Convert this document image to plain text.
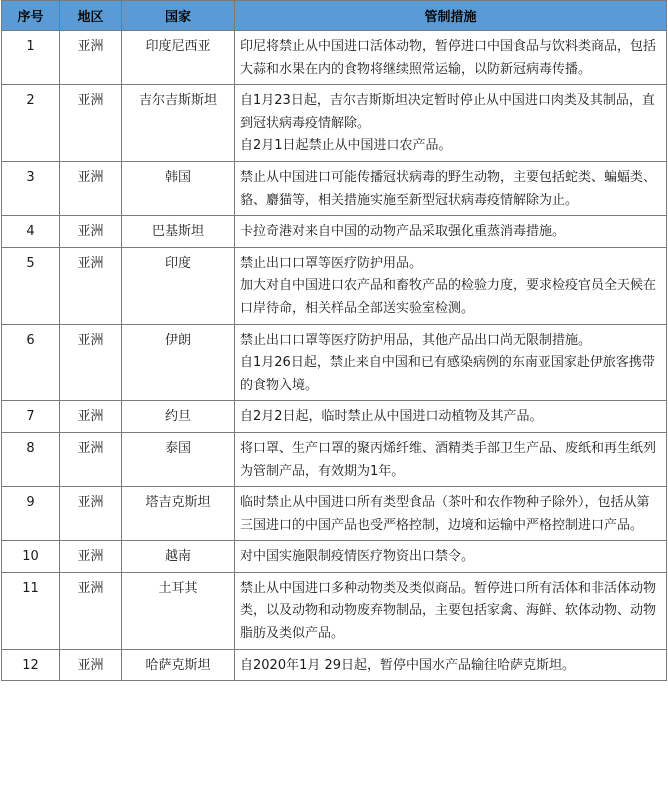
序号	地区	国家	管制措施
1	亚洲	印度尼西亚	印尼将禁止从中国进口活体动物，暂停进口中国食品与饮料类商品，包括大蒜和水果在内的食物将继续照常运输，以防新冠病毒传播。

2	亚洲	吉尔吉斯斯坦	自1月23日起，吉尔吉斯斯坦决定暂时停止从中国进口肉类及其制品，直到冠状病毒疫情解除。
自2月1日起禁止从中国进口农产品。

3	亚洲	韩国	禁止从中国进口可能传播冠状病毒的野生动物，主要包括蛇类、蝙蝠类、貉、麝猫等，相关措施实施至新型冠状病毒疫情解除为止。

4	亚洲	巴基斯坦	卡拉奇港对来自中国的动物产品采取强化重蒸消毒措施。

5	亚洲	印度	禁止出口口罩等医疗防护用品。
加大对自中国进口农产品和畜牧产品的检验力度，要求检疫官员全天候在口岸待命，相关样品全部送实验室检测。

6	亚洲	伊朗	禁止出口口罩等医疗防护用品，其他产品出口尚无限制措施。
自1月26日起，禁止来自中国和已有感染病例的东南亚国家赴伊旅客携带的食物入境。

7	亚洲	约旦	自2月2日起，临时禁止从中国进口动植物及其产品。

8	亚洲	泰国	将口罩、生产口罩的聚丙烯纤维、酒精类手部卫生产品、废纸和再生纸列为管制产品，有效期为1年。

9	亚洲	塔吉克斯坦	临时禁止从中国进口所有类型食品（茶叶和农作物种子除外），包括从第三国进口的中国产品也受严格控制，边境和运输中严格控制进口产品。

10	亚洲	越南	对中国实施限制疫情医疗物资出口禁令。

11	亚洲	土耳其	禁止从中国进口多种动物类及类似商品。暂停进口所有活体和非活体动物类，以及动物和动物废弃物制品，主要包括家禽、海鲜、软体动物、动物脂肪及类似产品。

12	亚洲	哈萨克斯坦	自2020年1月 29日起，暂停中国水产品输往哈萨克斯坦。
